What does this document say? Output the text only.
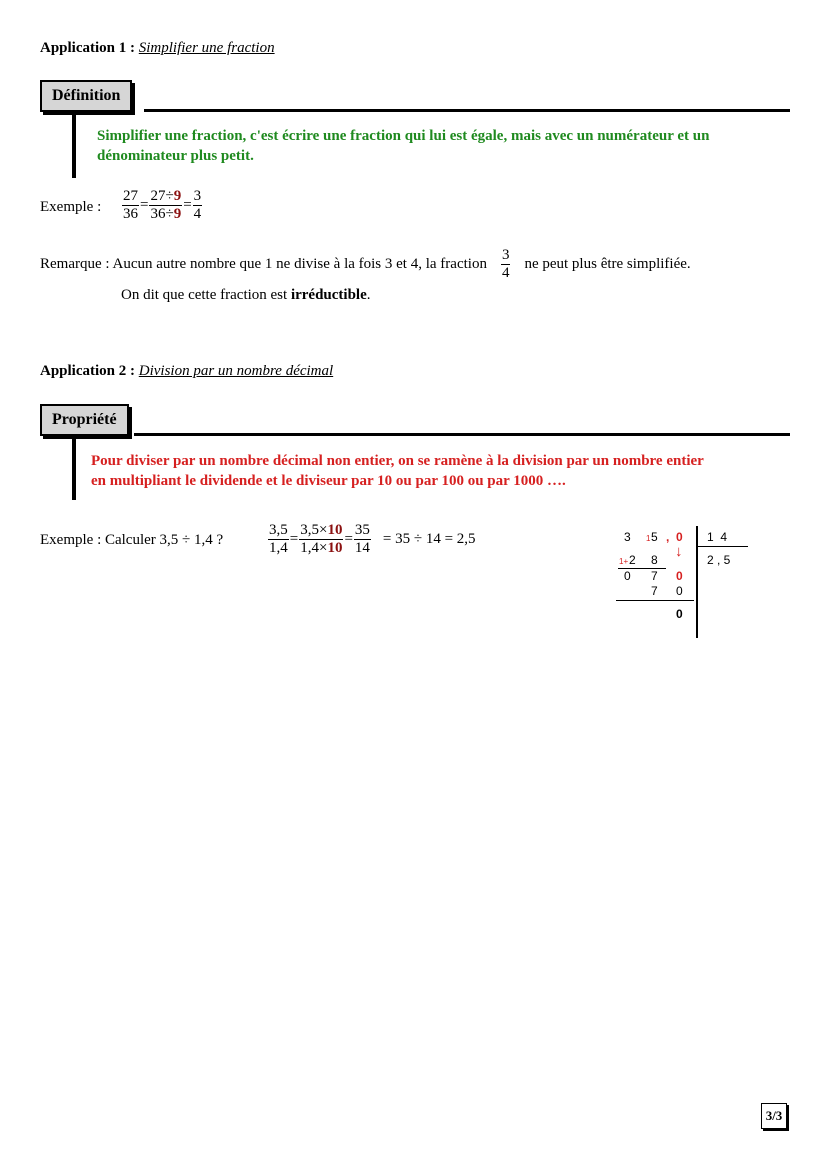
Application 1 : Simplifier une fraction
Définition
Simplifier une fraction, c'est écrire une fraction qui lui est égale, mais avec un numérateur et un
dénominateur plus petit.
Exemple : $\frac{27}{36} = \frac{27\div 9}{36\div 9} = \frac{3}{4}$
Remarque : Aucun autre nombre que 1 ne divise à la fois 3 et 4, la fraction $\frac{3}{4}$ ne peut plus être simplifiée.
On dit que cette fraction est irréductible.
Application 2 : Division par un nombre décimal
Propriété
Pour diviser par un nombre décimal non entier, on se ramène à la division par un nombre entier
en multipliant le dividende et le diviseur par 10 ou par 100 ou par 1000 ….
Exemple : Calculer 3,5 ÷ 1,4 ?	$\frac{3,5}{1,4} = \frac{3,5\times 10}{1,4\times 10} = \frac{35}{14} = 35 \div 14 = 2,5$	3 1 5 , 0
↓
1  4
2 , 5
1+ 2 8
0 7 0
7 0
0
3/3
